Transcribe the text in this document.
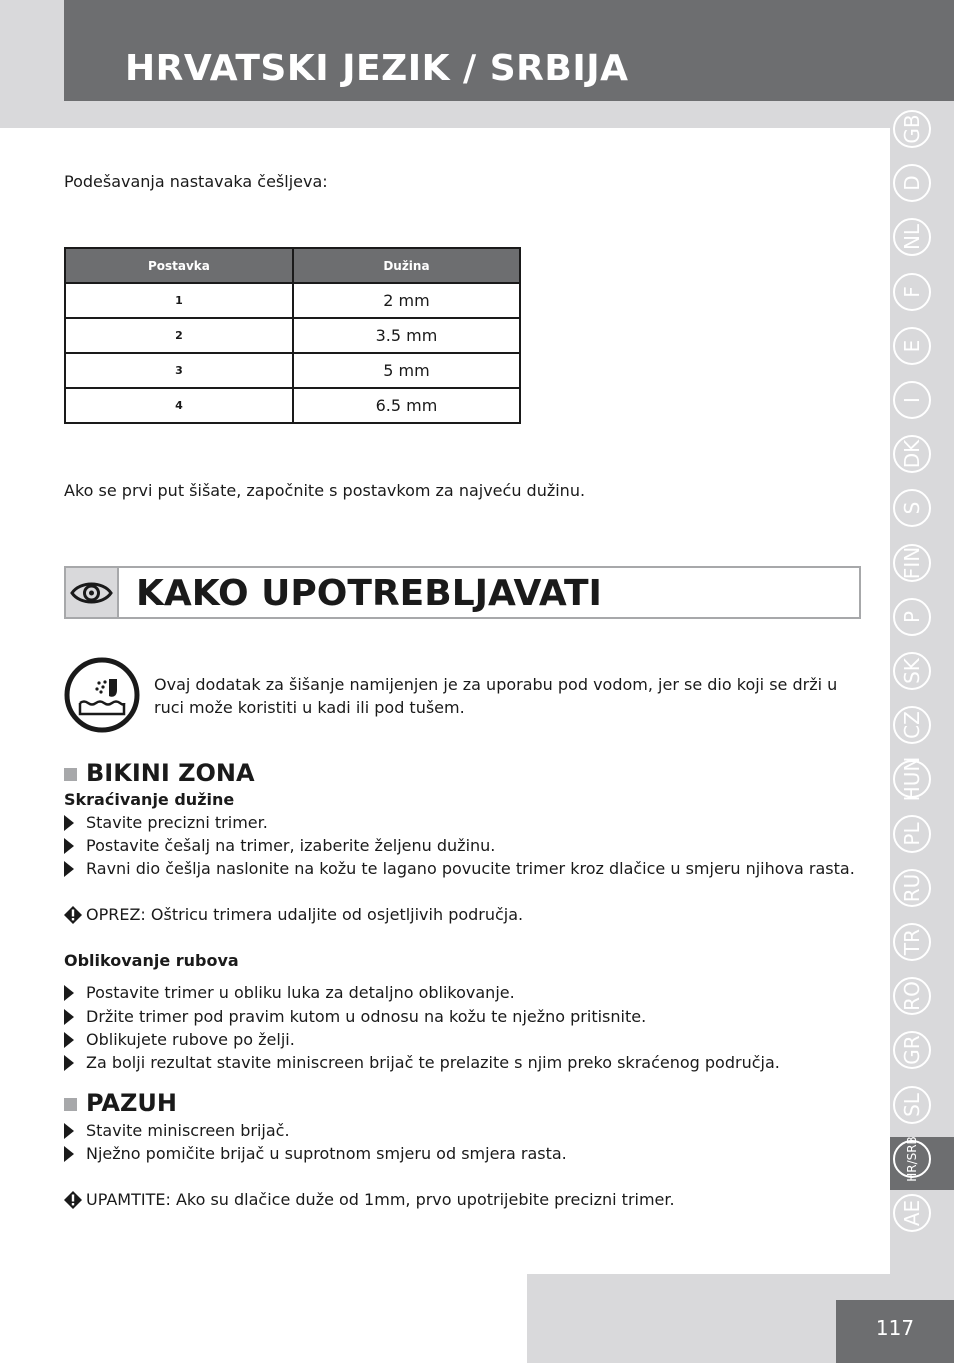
HRVATSKI JEZIK / SRBIJA
GB
D
NL
F
E
I
DK
S
FIN
P
SK
CZ
HUN
PL
RU
TR
RO
GR
SL
HR/SRB
AE
Podešavanja nastavaka češljeva:
Postavka	Dužina
1	2 mm
2	3.5 mm
3	5 mm
4	6.5 mm
Ako se prvi put šišate, započnite s postavkom za najveću dužinu.
KAKO UPOTREBLJAVATI
Ovaj dodatak za šišanje namijenjen je za uporabu pod vodom, jer se dio koji se drži u
ruci može koristiti u kadi ili pod tušem.
BIKINI ZONA
Skraćivanje dužine
Stavite precizni trimer.
Postavite češalj na trimer, izaberite željenu dužinu.
Ravni dio češlja naslonite na kožu te lagano povucite trimer kroz dlačice u smjeru njihova rasta.
OPREZ: Oštricu trimera udaljite od osjetljivih područja.
Oblikovanje rubova
Postavite trimer u obliku luka za detaljno oblikovanje.
Držite trimer pod pravim kutom u odnosu na kožu te nježno pritisnite.
Oblikujete rubove po želji.
Za bolji rezultat stavite miniscreen brijač te prelazite s njim preko skraćenog područja.
PAZUH
Stavite miniscreen brijač.
Nježno pomičite brijač u suprotnom smjeru od smjera rasta.
UPAMTITE: Ako su dlačice duže od 1mm, prvo upotrijebite precizni trimer.
117
